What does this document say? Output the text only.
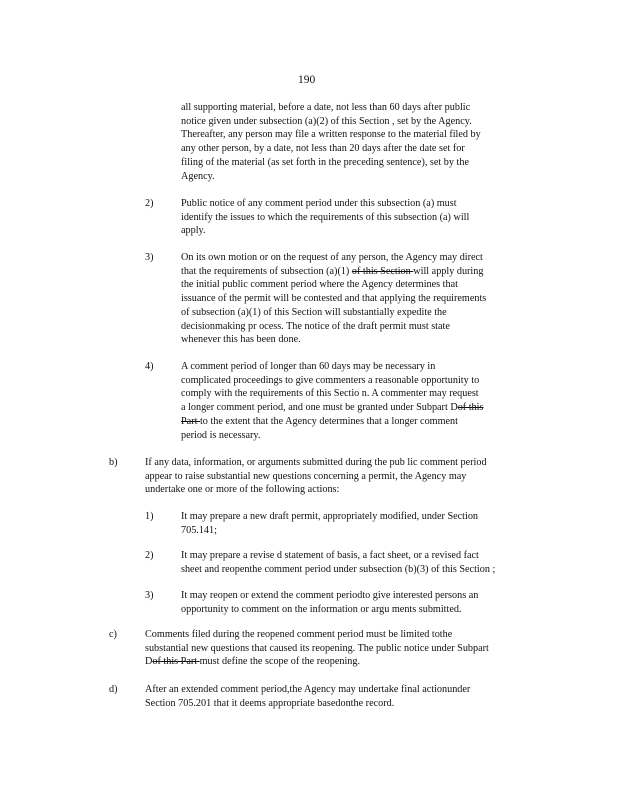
190
all supporting material, before a date, not less than 60 days after public
notice given under subsection (a)(2) of this Section , set by the Agency.
Thereafter, any person may file a written response to the material filed by
any other person, by a date, not less than 20 days after the date set for
filing of the material (as set forth in the preceding sentence), set by the
Agency.
2)	Public notice of any comment period under this subsection (a) must
identify the issues to which the requirements of this subsection (a) will
apply.
3)	On its own motion or on the request of any person, the Agency may direct
that the requirements of subsection (a)(1) of this Section will apply during
the initial public comment period where the Agency determines that
issuance of the permit will be contested and that applying the requirements
of subsection (a)(1) of this Section will substantially expedite the
decisionmaking pr ocess. The notice of the draft permit must state
whenever this has been done.
4)	A comment period of longer than 60 days may be necessary in
complicated proceedings to give commenters a reasonable opportunity to
comply with the requirements of this Sectio n. A commenter may request
a longer comment period, and one must be granted under Subpart Dof this
Part to the extent that the Agency determines that a longer comment
period is necessary.
b)	If any data, information, or arguments submitted during the pub lic comment period
appear to raise substantial new questions concerning a permit, the Agency may
undertake one or more of the following actions:
1)	It may prepare a new draft permit, appropriately modified, under Section
705.141;
2)	It may prepare a revise d statement of basis, a fact sheet, or a revised fact
sheet and reopenthe comment period under subsection (b)(3) of this Section ;
3)	It may reopen or extend the comment periodto give interested persons an
opportunity to comment on the information or argu ments submitted.
c)	Comments filed during the reopened comment period must be limited tothe
substantial new questions that caused its reopening. The public notice under Subpart
Dof this Part must define the scope of the reopening.
d)	After an extended comment period,the Agency may undertake final actionunder
Section 705.201 that it deems appropriate basedonthe record.
